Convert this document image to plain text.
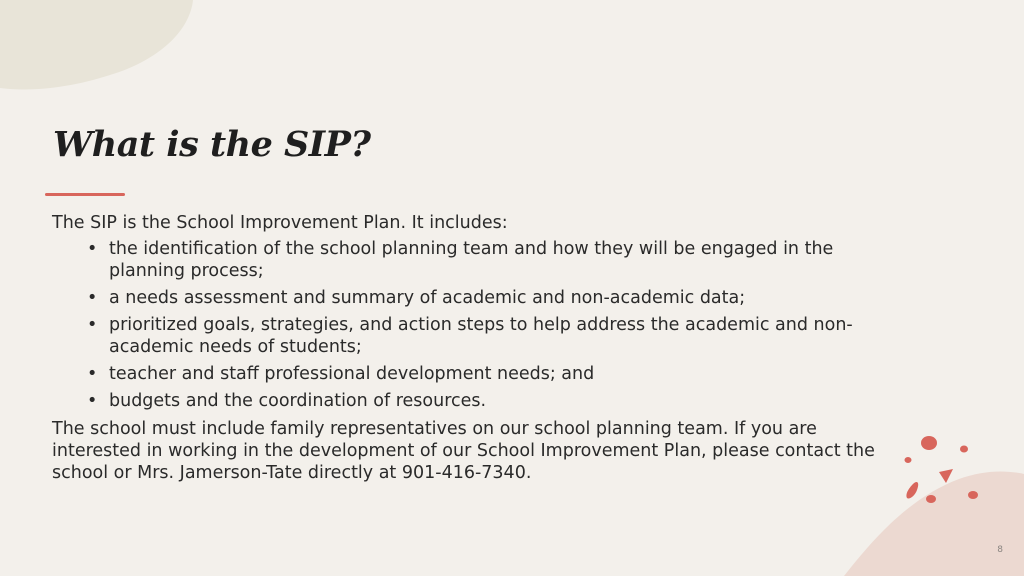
What is the SIP?

The SIP is the School Improvement Plan. It includes:

• the identification of the school planning team and how they will be engaged in the planning process;
• a needs assessment and summary of academic and non-academic data;
• prioritized goals, strategies, and action steps to help address the academic and non-academic needs of students;
• teacher and staff professional development needs; and
• budgets and the coordination of resources.

The school must include family representatives on our school planning team. If you are interested in working in the development of our School Improvement Plan, please contact the school or Mrs. Jamerson-Tate directly at 901-416-7340.

8
